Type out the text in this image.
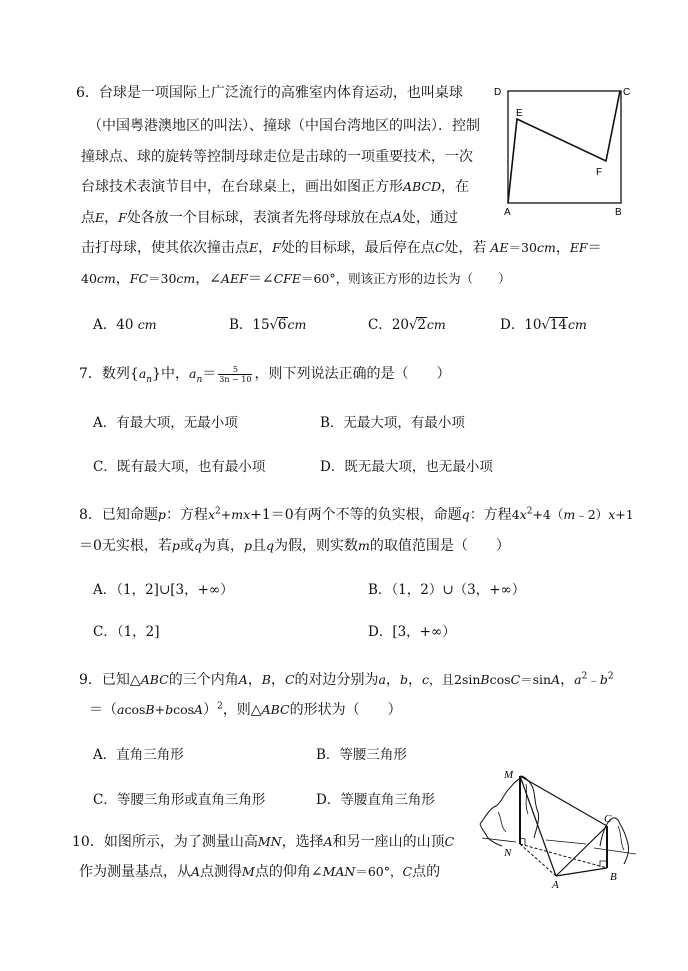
6．台球是一项国际上广泛流行的高雅室内体育运动，也叫桌球
（中国粤港澳地区的叫法）、撞球（中国台湾地区的叫法）．控制
撞球点、球的旋转等控制母球走位是击球的一项重要技术，一次
台球技术表演节目中，在台球桌上，画出如图正方形ABCD，在
点E，F处各放一个目标球，表演者先将母球放在点A处，通过
击打母球，使其依次撞击点E，F处的目标球，最后停在点C处，若 AE＝30cm，EF＝
40cm，FC＝30cm，∠AEF＝∠CFE＝60°，则该正方形的边长为（　　）
A．40 cm	B．15√6cm	C．20√2cm	D．10√14cm
D	C
E
F
A	B
7．数列$\{a_n\}$中，$a_n= \frac{5}{3n - 10}$ ，则下列说法正确的是（　　）
A．有最大项，无最小项	B．无最大项，有最小项
C．既有最大项，也有最小项	D．既无最大项，也无最小项
8．已知命题p：方程$x^2+mx+1=0$有两个不等的负实根，命题q：方程$4x^2+4(m﹣2)x+1$
＝0无实根，若p或q为真，p且q为假，则实数m的取值范围是（　　）
A．（1，2]∪[3，+∞）	B．（1，2）∪（3，+∞）
C．（1，2]	D．[3，+∞）
9．已知△ABC的三个内角A，B，C的对边分别为a，b，c，且2sinBcosC＝sinA，$a^2﹣b^2$
$=(acosB+bcosA)^2$，则△ABC的形状为（　　）
A．直角三角形	B．等腰三角形
C．等腰三角形或直角三角形	D．等腰直角三角形
10．如图所示，为了测量山高MN，选择A和另一座山的山顶C
作为测量基点，从A点测得M点的仰角∠MAN＝60°，C点的
M
C
N
A
B
